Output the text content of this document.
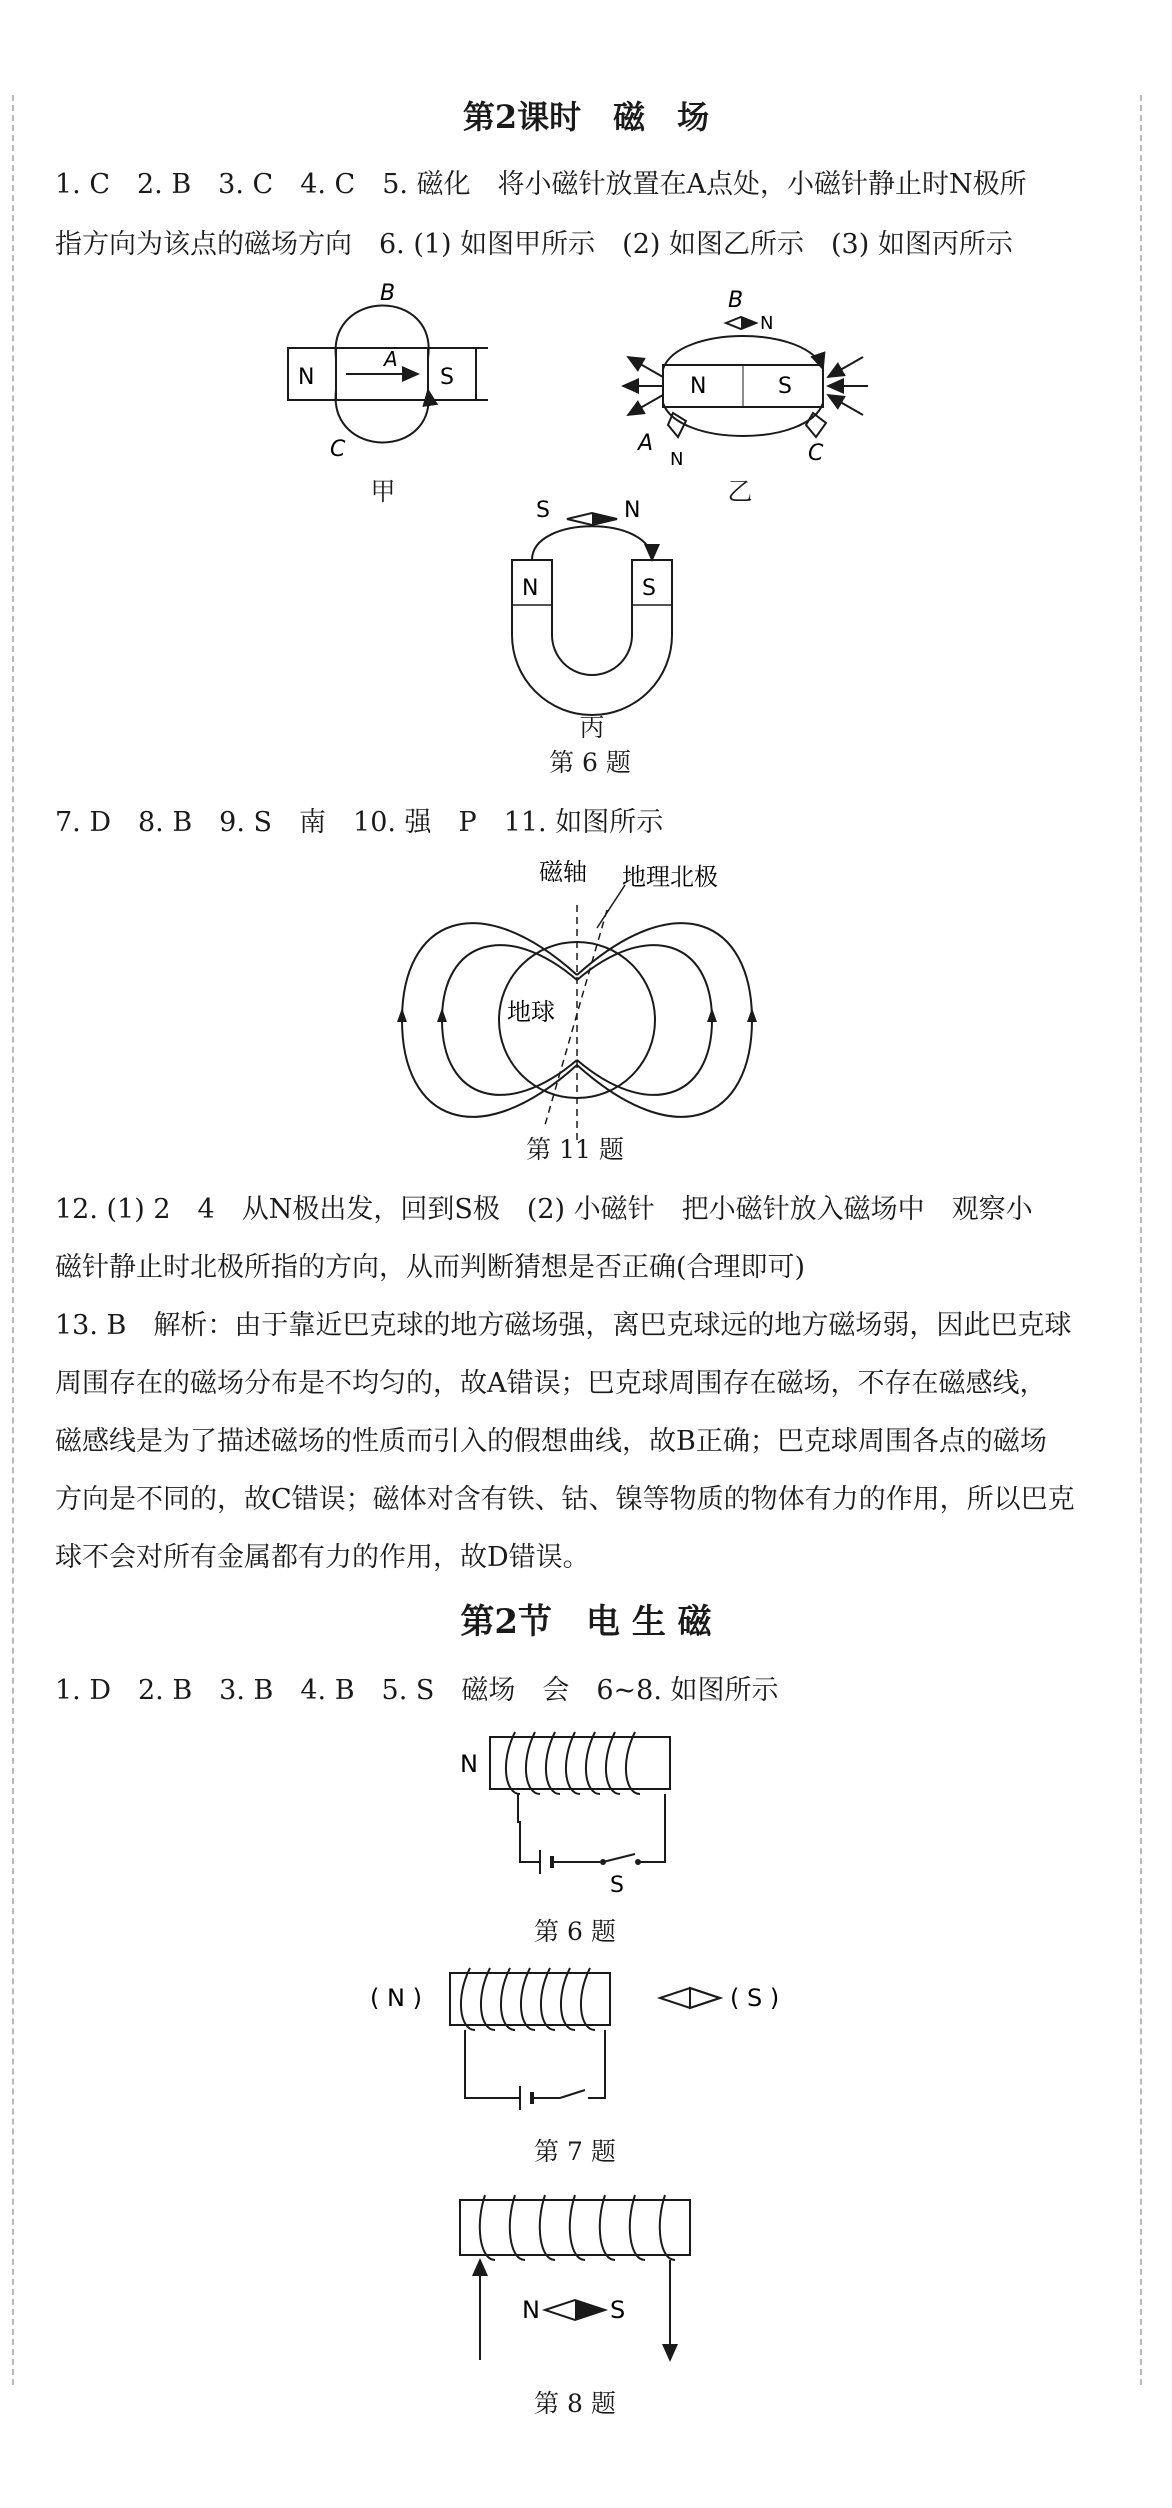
第2课时　磁　场
1. C　2. B　3. C　4. C　5. 磁化　将小磁针放置在A点处，小磁针静止时N极所
指方向为该点的磁场方向　6. (1) 如图甲所示　(2) 如图乙所示　(3) 如图丙所示
N	S
A
B
C
甲
N	S
B
N
A
N	C
乙
S	N
N	S
丙
第 6 题
7. D　8. B　9. S　南　10. 强　P　11. 如图所示
磁轴 地理北极
地球
第 11 题
12. (1) 2　4　从N极出发，回到S极　(2) 小磁针　把小磁针放入磁场中　观察小
磁针静止时北极所指的方向，从而判断猜想是否正确(合理即可)
13. B　解析：由于靠近巴克球的地方磁场强，离巴克球远的地方磁场弱，因此巴克球
周围存在的磁场分布是不均匀的，故A错误；巴克球周围存在磁场，不存在磁感线，
磁感线是为了描述磁场的性质而引入的假想曲线，故B正确；巴克球周围各点的磁场
方向是不同的，故C错误；磁体对含有铁、钴、镍等物质的物体有力的作用，所以巴克
球不会对所有金属都有力的作用，故D错误。
第2节　电 生 磁
1. D　2. B　3. B　4. B　5. S　磁场　会　6~8. 如图所示
N
S
第 6 题
( N )	( S )
第 7 题
N	S
第 8 题
